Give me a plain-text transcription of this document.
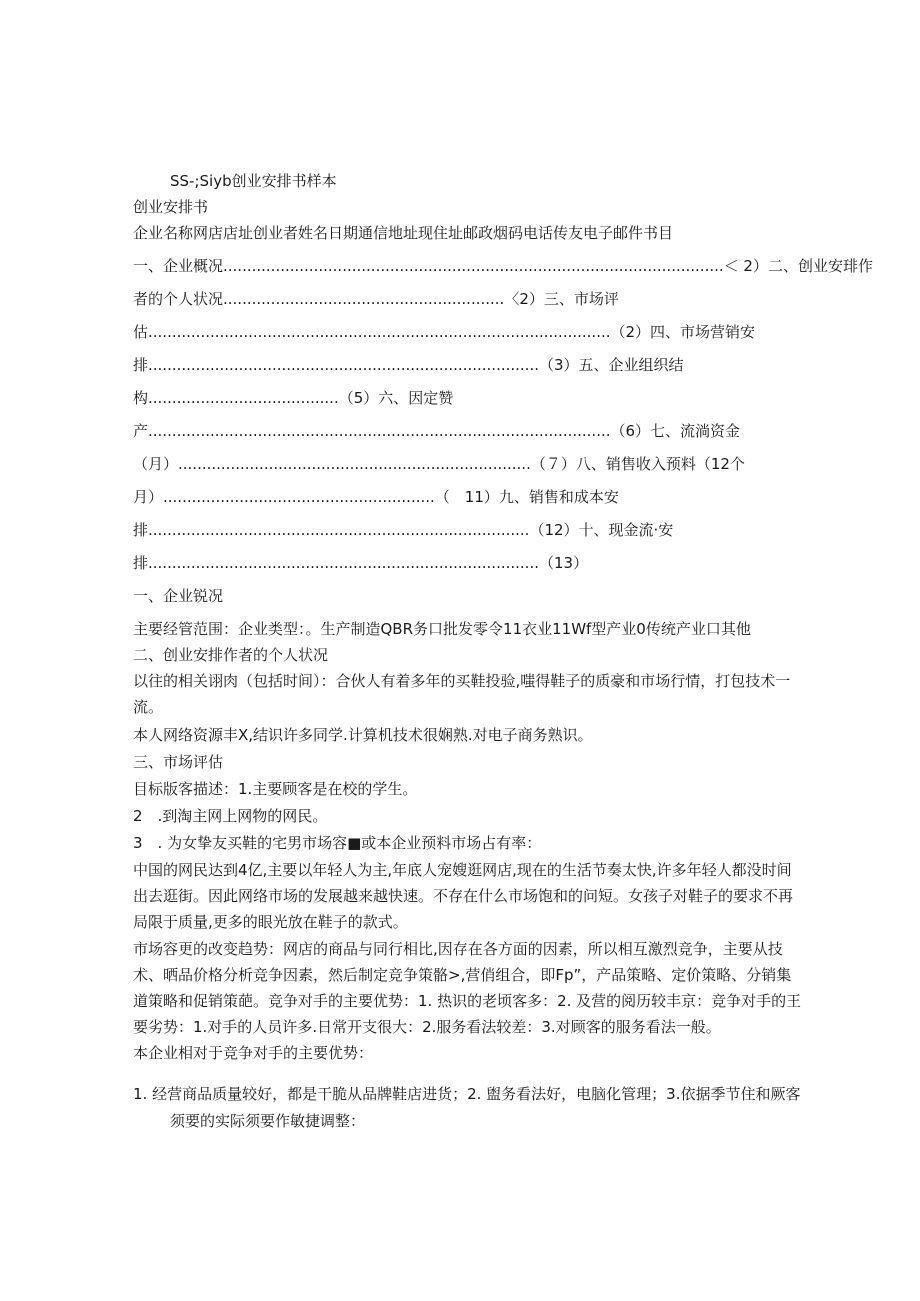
SS-;Siyb创业安排书样本
创业安排书
企业名称网店店址创业者姓名日期通信地址现住址邮政烟码电话传友电子邮件书目
一、企业概况.........................................................................................................＜ 2）二、创业安琲作
者的个人状况...........................................................〈2）三、市场评
估.................................................................................................（2）四、市场营销安
排..................................................................................（3）五、企业组织结
构........................................（5）六、因定赞
产.................................................................................................（6）七、流淌资金
（月）..........................................................................（７）八、销售收入预料（12个
月）.........................................................（　11）九、销售和成本安
排................................................................................（12）十、现金流·安
排..................................................................................（13）
一、企业锐况
主要经管范围：企业类型：。生产制造QBR务口批发零令11衣业11Wf型产业0传统产业口其他
二、创业安排作者的个人状况
以往的相关诩肉（包括时间）：合伙人有着多年的买鞋投验,嗤得鞋子的质豪和市场行情，打包技术一
流。
本人网络资源丰X,结识许多同学.计算机技术很娴熟.对电子商务熟识。
三、市场评估
目标版客描述：1.主要顾客是在校的学生。
2　.到淘主网上网物的网民。
3　. 为女挚友买鞋的宅男市场容■或本企业预料市场占有率：
中国的网民达到4亿,主要以年轻人为主,年底人宠嫂逛网店,现在的生活节奏太快,许多年轻人都没时间
出去逛街。因此网络市场的发展越来越快速。不存在什么市场饱和的问短。女孩子对鞋子的要求不再
局限于质量,更多的眼光放在鞋子的款式。
市场容更的改变趋势：网店的商品与同行相比,因存在各方面的因素，所以相互激烈竞争，主要从技
术、晒品价格分析竞争因素，然后制定竞争策骼>,营俏组合，即Fp”，产品策略、定价策略、分销集
道策略和促销策葩。竞争对手的主要优势：1. 热识的老顷客多：2. 及营的阅历较丰京：竞争对手的王
要劣势：1.对手的人员许多.日常开支很大：2.服务看法较差：3.对顾客的服务看法一般。
本企业相对于竞争对手的主要优势：
1. 经营商品质量较好，都是干脆从品牌鞋店进货；2. 盥务看法好，电脑化管理；3.依据季节住和厥客
须要的实际须要作敏捷调整：
